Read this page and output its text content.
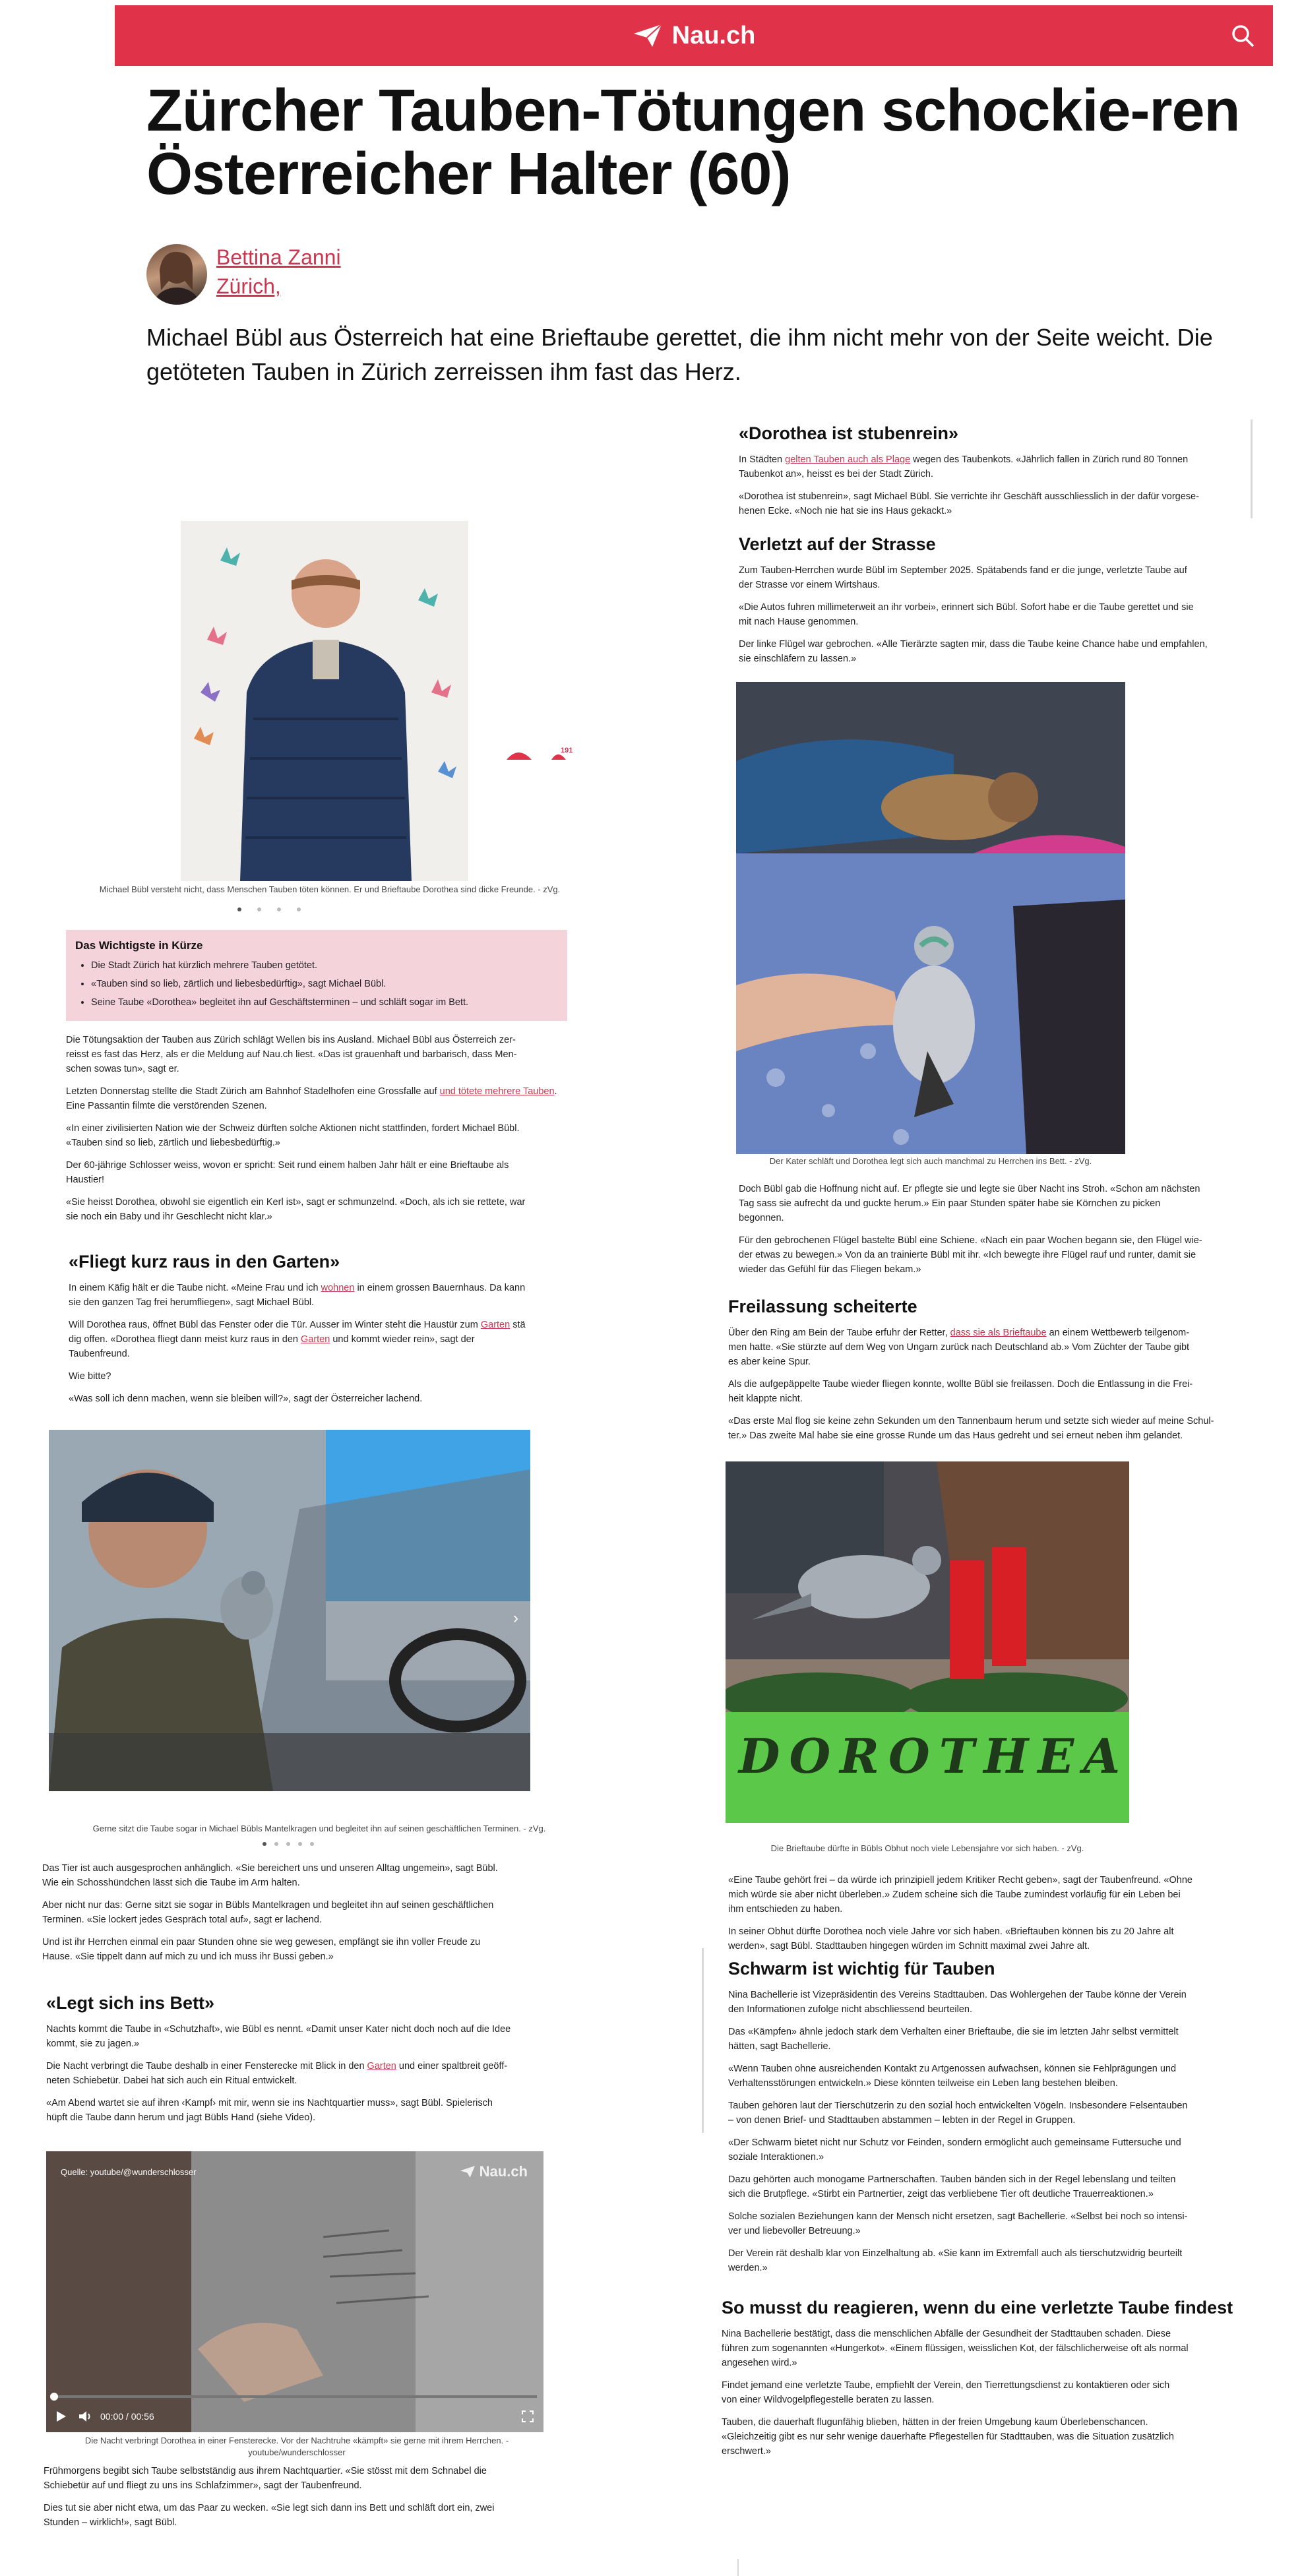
Nau.ch
Zürcher Tauben-Tötungen schockie-ren Österreicher Halter (60)
Bettina Zanni
Zürich,

Michael Bübl aus Österreich hat eine Brieftaube gerettet, die ihm nicht mehr von der Seite weicht. Die getöteten Tauben in Zürich zerreissen ihm fast das Herz.

191
Michael Bübl versteht nicht, dass Menschen Tauben töten können. Er und Brieftaube Dorothea sind dicke Freunde. - zVg.
Das Wichtigste in Kürze
• Die Stadt Zürich hat kürzlich mehrere Tauben getötet.
• «Tauben sind so lieb, zärtlich und liebesbedürftig», sagt Michael Bübl.
• Seine Taube «Dorothea» begleitet ihn auf Geschäftsterminen – und schläft sogar im Bett.

Die Tötungsaktion der Tauben aus Zürich schlägt Wellen bis ins Ausland. Michael Bübl aus Österreich zer-
reisst es fast das Herz, als er die Meldung auf Nau.ch liest. «Das ist grauenhaft und barbarisch, dass Men-
schen sowas tun», sagt er.

Letzten Donnerstag stellte die Stadt Zürich am Bahnhof Stadelhofen eine Grossfalle auf und tötete mehrere Tauben. Eine Passantin filmte die verstörenden Szenen.

«In einer zivilisierten Nation wie der Schweiz dürften solche Aktionen nicht stattfinden, fordert Michael Bübl.
«Tauben sind so lieb, zärtlich und liebesbedürftig.»

Der 60-jährige Schlosser weiss, wovon er spricht: Seit rund einem halben Jahr hält er eine Brieftaube als
Haustier!

«Sie heisst Dorothea, obwohl sie eigentlich ein Kerl ist», sagt er schmunzelnd. «Doch, als ich sie rettete, war
sie noch ein Baby und ihr Geschlecht nicht klar.»

«Fliegt kurz raus in den Garten»

In einem Käfig hält er die Taube nicht. «Meine Frau und ich wohnen in einem grossen Bauernhaus. Da kann
sie den ganzen Tag frei herumfliegen», sagt Michael Bübl.

Will Dorothea raus, öffnet Bübl das Fenster oder die Tür. Ausser im Winter steht die Haustür zum Garten stä
dig offen. «Dorothea fliegt dann meist kurz raus in den Garten und kommt wieder rein», sagt der
Taubenfreund.

Wie bitte?

«Was soll ich denn machen, wenn sie bleiben will?», sagt der Österreicher lachend.

›
Gerne sitzt die Taube sogar in Michael Bübls Mantelkragen und begleitet ihn auf seinen geschäftlichen Terminen. - zVg.

Das Tier ist auch ausgesprochen anhänglich. «Sie bereichert uns und unseren Alltag ungemein», sagt Bübl.
Wie ein Schosshündchen lässt sich die Taube im Arm halten.

Aber nicht nur das: Gerne sitzt sie sogar in Bübls Mantelkragen und begleitet ihn auf seinen geschäftlichen
Terminen. «Sie lockert jedes Gespräch total auf», sagt er lachend.

Und ist ihr Herrchen einmal ein paar Stunden ohne sie weg gewesen, empfängt sie ihn voller Freude zu
Hause. «Sie tippelt dann auf mich zu und ich muss ihr Bussi geben.»

«Legt sich ins Bett»

Nachts kommt die Taube in «Schutzhaft», wie Bübl es nennt. «Damit unser Kater nicht doch noch auf die Idee
kommt, sie zu jagen.»

Die Nacht verbringt die Taube deshalb in einer Fensterecke mit Blick in den Garten und einer spaltbreit geöff-
neten Schiebetür. Dabei hat sich auch ein Ritual entwickelt.

«Am Abend wartet sie auf ihren ‹Kampf› mit mir, wenn sie ins Nachtquartier muss», sagt Bübl. Spielerisch
hüpft die Taube dann herum und jagt Bübls Hand (siehe Video).

Quelle: youtube/@wunderschlosser	Nau.ch
00:00 / 00:56
Die Nacht verbringt Dorothea in einer Fensterecke. Vor der Nachtruhe «kämpft» sie gerne mit ihrem Herrchen. -
youtube/wunderschlosser

Frühmorgens begibt sich Taube selbstständig aus ihrem Nachtquartier. «Sie stösst mit dem Schnabel die
Schiebetür auf und fliegt zu uns ins Schlafzimmer», sagt der Taubenfreund.

Dies tut sie aber nicht etwa, um das Paar zu wecken. «Sie legt sich dann ins Bett und schläft dort ein, zwei
Stunden – wirklich!», sagt Bübl.

«Dorothea ist stubenrein»

In Städten gelten Tauben auch als Plage wegen des Taubenkots. «Jährlich fallen in Zürich rund 80 Tonnen
Taubenkot an», heisst es bei der Stadt Zürich.

«Dorothea ist stubenrein», sagt Michael Bübl. Sie verrichte ihr Geschäft ausschliesslich in der dafür vorgese-
henen Ecke. «Noch nie hat sie ins Haus gekackt.»

Verletzt auf der Strasse

Zum Tauben-Herrchen wurde Bübl im September 2025. Spätabends fand er die junge, verletzte Taube auf
der Strasse vor einem Wirtshaus.

«Die Autos fuhren millimeterweit an ihr vorbei», erinnert sich Bübl. Sofort habe er die Taube gerettet und sie
mit nach Hause genommen.

Der linke Flügel war gebrochen. «Alle Tierärzte sagten mir, dass die Taube keine Chance habe und empfahlen,
sie einschläfern zu lassen.»

Der Kater schläft und Dorothea legt sich auch manchmal zu Herrchen ins Bett. - zVg.

Doch Bübl gab die Hoffnung nicht auf. Er pflegte sie und legte sie über Nacht ins Stroh. «Schon am nächsten
Tag sass sie aufrecht da und guckte herum.» Ein paar Stunden später habe sie Körnchen zu picken
begonnen.

Für den gebrochenen Flügel bastelte Bübl eine Schiene. «Nach ein paar Wochen begann sie, den Flügel wie-
der etwas zu bewegen.» Von da an trainierte Bübl mit ihr. «Ich bewegte ihre Flügel rauf und runter, damit sie
wieder das Gefühl für das Fliegen bekam.»

Freilassung scheiterte

Über den Ring am Bein der Taube erfuhr der Retter, dass sie als Brieftaube an einem Wettbewerb teilgenom-
men hatte. «Sie stürzte auf dem Weg von Ungarn zurück nach Deutschland ab.» Vom Züchter der Taube gibt
es aber keine Spur.

Als die aufgepäppelte Taube wieder fliegen konnte, wollte Bübl sie freilassen. Doch die Entlassung in die Frei-
heit klappte nicht.

«Das erste Mal flog sie keine zehn Sekunden um den Tannenbaum herum und setzte sich wieder auf meine Schul-
ter.» Das zweite Mal habe sie eine grosse Runde um das Haus gedreht und sei erneut neben ihm gelandet.

DOROTHEA
Die Brieftaube dürfte in Bübls Obhut noch viele Lebensjahre vor sich haben. - zVg.

«Eine Taube gehört frei – da würde ich prinzipiell jedem Kritiker Recht geben», sagt der Taubenfreund. «Ohne
mich würde sie aber nicht überleben.» Zudem scheine sich die Taube zumindest vorläufig für ein Leben bei
ihm entschieden zu haben.

In seiner Obhut dürfte Dorothea noch viele Jahre vor sich haben. «Brieftauben können bis zu 20 Jahre alt
werden», sagt Bübl. Stadttauben hingegen würden im Schnitt maximal zwei Jahre alt.

Schwarm ist wichtig für Tauben

Nina Bachellerie ist Vizepräsidentin des Vereins Stadttauben. Das Wohlergehen der Taube könne der Verein
den Informationen zufolge nicht abschliessend beurteilen.

Das «Kämpfen» ähnle jedoch stark dem Verhalten einer Brieftaube, die sie im letzten Jahr selbst vermittelt
hätten, sagt Bachellerie.

«Wenn Tauben ohne ausreichenden Kontakt zu Artgenossen aufwachsen, können sie Fehlprägungen und
Verhaltensstörungen entwickeln.» Diese könnten teilweise ein Leben lang bestehen bleiben.

Tauben gehören laut der Tierschützerin zu den sozial hoch entwickelten Vögeln. Insbesondere Felsentauben
– von denen Brief- und Stadttauben abstammen – lebten in der Regel in Gruppen.

«Der Schwarm bietet nicht nur Schutz vor Feinden, sondern ermöglicht auch gemeinsame Futtersuche und
soziale Interaktionen.»

Dazu gehörten auch monogame Partnerschaften. Tauben bänden sich in der Regel lebenslang und teilten
sich die Brutpflege. «Stirbt ein Partnertier, zeigt das verbliebene Tier oft deutliche Trauerreaktionen.»

Solche sozialen Beziehungen kann der Mensch nicht ersetzen, sagt Bachellerie. «Selbst bei noch so intensi-
ver und liebevoller Betreuung.»

Der Verein rät deshalb klar von Einzelhaltung ab. «Sie kann im Extremfall auch als tierschutzwidrig beurteilt
werden.»

So musst du reagieren, wenn du eine verletzte Taube findest

Nina Bachellerie bestätigt, dass die menschlichen Abfälle der Gesundheit der Stadttauben schaden. Diese
führen zum sogenannten «Hungerkot». «Einem flüssigen, weisslichen Kot, der fälschlicherweise oft als normal
angesehen wird.»

Findet jemand eine verletzte Taube, empfiehlt der Verein, den Tierrettungsdienst zu kontaktieren oder sich
von einer Wildvogelpflegestelle beraten zu lassen.

Tauben, die dauerhaft flugunfähig blieben, hätten in der freien Umgebung kaum Überlebenschancen.
«Gleichzeitig gibt es nur sehr wenige dauerhafte Pflegestellen für Stadttauben, was die Situation zusätzlich
erschwert.»
